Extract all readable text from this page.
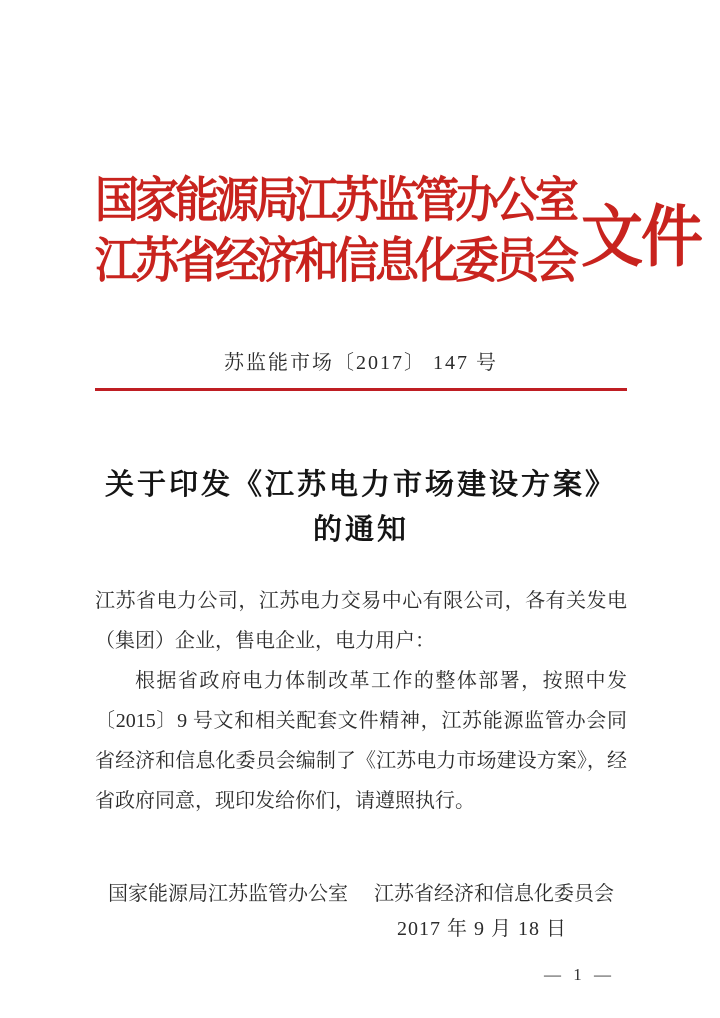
国家能源局江苏监管办公室
江苏省经济和信息化委员会 文件
苏监能市场〔2017〕 147 号
关于印发《江苏电力市场建设方案》
的通知

江苏省电力公司，江苏电力交易中心有限公司，各有关发电（集团）企业，售电企业，电力用户：

根据省政府电力体制改革工作的整体部署，按照中发〔2015〕9 号文和相关配套文件精神，江苏能源监管办会同省经济和信息化委员会编制了《江苏电力市场建设方案》，经省政府同意，现印发给你们，请遵照执行。

国家能源局江苏监管办公室 江苏省经济和信息化委员会
2017 年 9 月 18 日
— 1 —
